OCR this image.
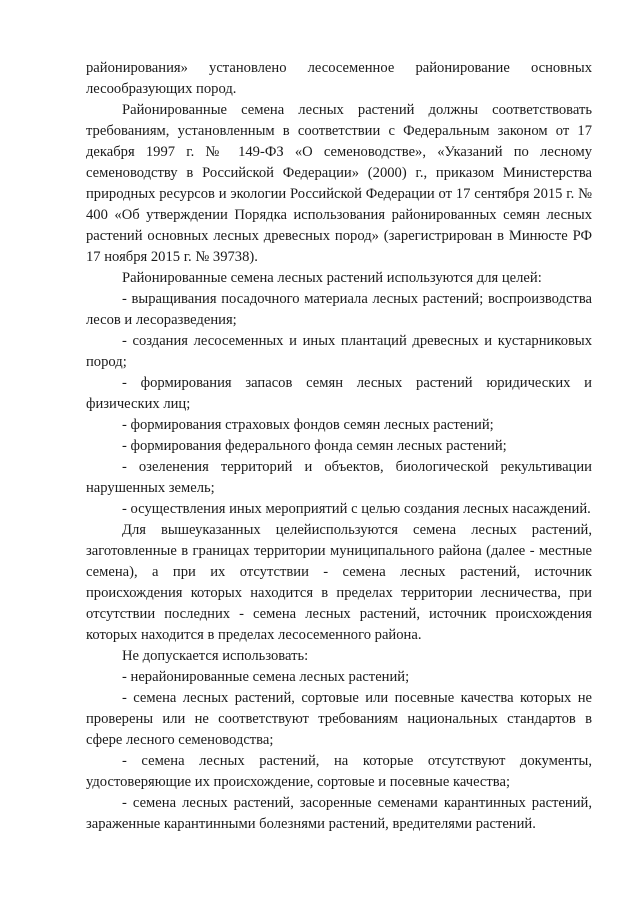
районирования» установлено лесосеменное районирование основных лесообразующих пород.

Районированные семена лесных растений должны соответствовать требованиям, установленным в соответствии с Федеральным законом от 17 декабря 1997 г. № 149-ФЗ «О семеноводстве», «Указаний по лесному семеноводству в Российской Федерации» (2000) г., приказом Министерства природных ресурсов и экологии Российской Федерации от 17 сентября 2015 г. № 400 «Об утверждении Порядка использования районированных семян лесных растений основных лесных древесных пород» (зарегистрирован в Минюсте РФ 17 ноября 2015 г. № 39738).

Районированные семена лесных растений используются для целей:

- выращивания посадочного материала лесных растений; воспроизводства лесов и лесоразведения;

- создания лесосеменных и иных плантаций древесных и кустарниковых пород;

- формирования запасов семян лесных растений юридических и физических лиц;

- формирования страховых фондов семян лесных растений;

- формирования федерального фонда семян лесных растений;

- озеленения территорий и объектов, биологической рекультивации нарушенных земель;

- осуществления иных мероприятий с целью создания лесных насаждений.

Для вышеуказанных целейиспользуются семена лесных растений, заготовленные в границах территории муниципального района (далее - местные семена), а при их отсутствии - семена лесных растений, источник происхождения которых находится в пределах территории лесничества, при отсутствии последних - семена лесных растений, источник происхождения которых находится в пределах лесосеменного района.

Не допускается использовать:

- нерайонированные семена лесных растений;

- семена лесных растений, сортовые или посевные качества которых не проверены или не соответствуют требованиям национальных стандартов в сфере лесного семеноводства;

- семена лесных растений, на которые отсутствуют документы, удостоверяющие их происхождение, сортовые и посевные качества;

- семена лесных растений, засоренные семенами карантинных растений, зараженные карантинными болезнями растений, вредителями растений.
